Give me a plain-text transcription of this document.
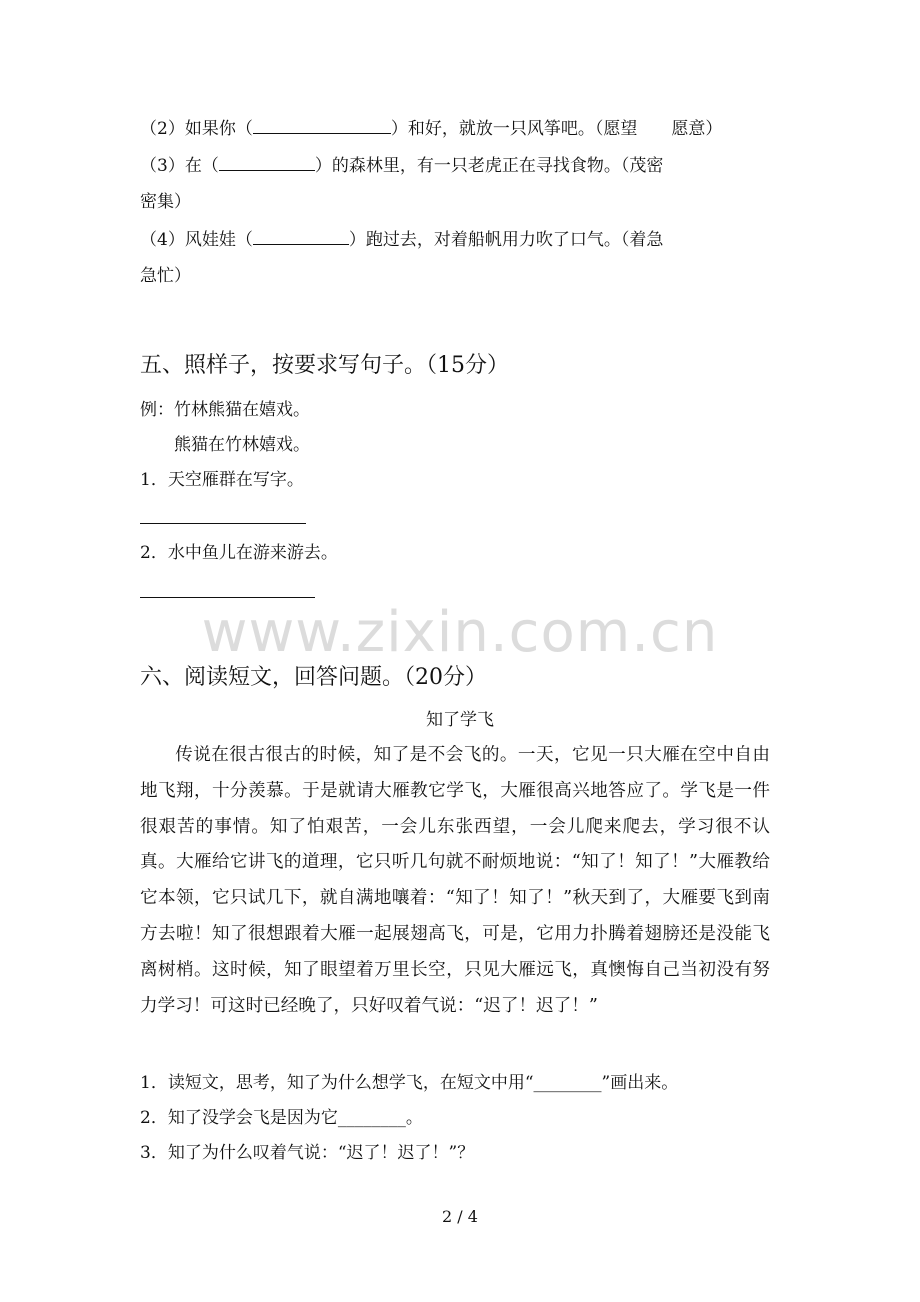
（2）如果你（	）和好，就放一只风筝吧。（愿望　　愿意）
（3）在（	）的森林里，有一只老虎正在寻找食物。（茂密
密集）
（4）风娃娃（	）跑过去，对着船帆用力吹了口气。（着急
急忙）
五、照样子，按要求写句子。（15分）
例：竹林熊猫在嬉戏。
熊猫在竹林嬉戏。
1．天空雁群在写字。
2．水中鱼儿在游来游去。
www.zixin.com.cn
六、阅读短文，回答问题。（20分）
知了学飞
传说在很古很古的时候，知了是不会飞的。一天，它见一只大雁在空中自由地飞翔，十分羡慕。于是就请大雁教它学飞，大雁很高兴地答应了。学飞是一件很艰苦的事情。知了怕艰苦，一会儿东张西望，一会儿爬来爬去，学习很不认真。大雁给它讲飞的道理，它只听几句就不耐烦地说：“知了！知了！”大雁教给它本领，它只试几下，就自满地嚷着：“知了！知了！”秋天到了，大雁要飞到南方去啦！知了很想跟着大雁一起展翅高飞，可是，它用力扑腾着翅膀还是没能飞离树梢。这时候，知了眼望着万里长空，只见大雁远飞，真懊悔自己当初没有努力学习！可这时已经晚了，只好叹着气说：“迟了！迟了！”
1．读短文，思考，知了为什么想学飞，在短文中用“________”画出来。
2．知了没学会飞是因为它________。
3．知了为什么叹着气说：“迟了！迟了！”？
2 / 4
